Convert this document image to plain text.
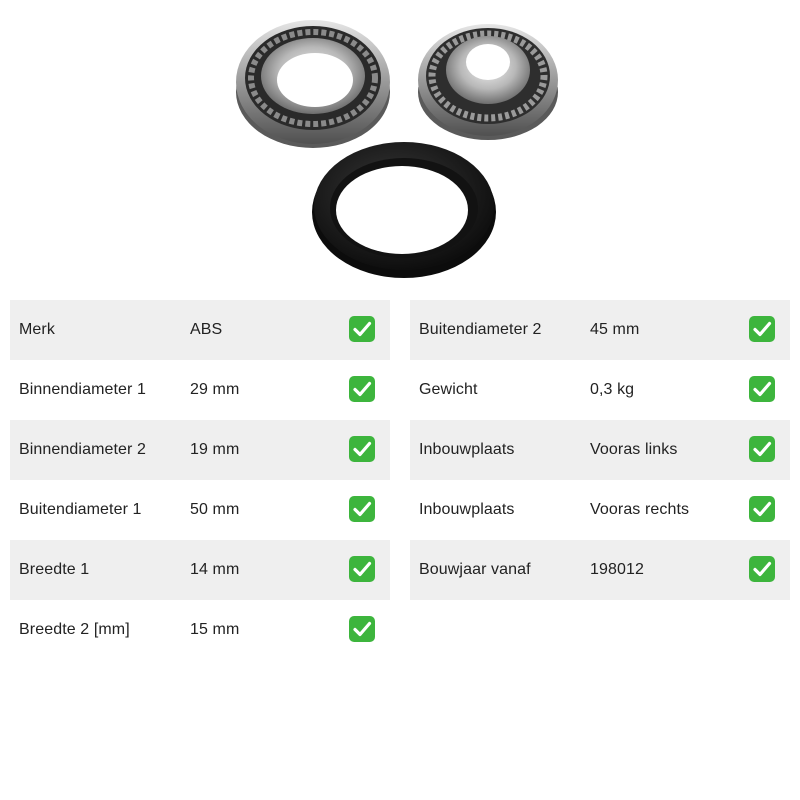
Merk	ABS
Binnendiameter 1	29 mm
Binnendiameter 2	19 mm
Buitendiameter 1	50 mm
Breedte 1	14 mm
Breedte 2 [mm]	15 mm
Buitendiameter 2	45 mm
Gewicht	0,3 kg
Inbouwplaats	Vooras links
Inbouwplaats	Vooras rechts
Bouwjaar vanaf	198012
